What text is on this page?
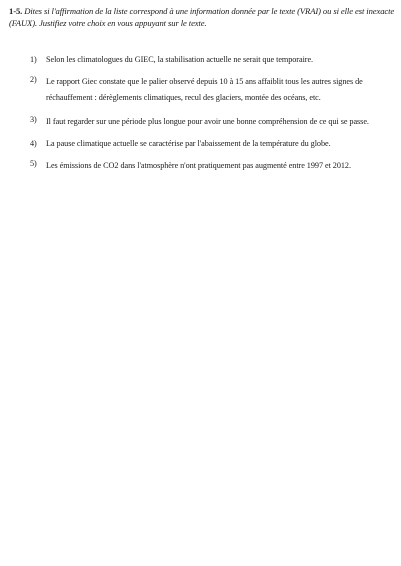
1-5. Dites si l'affirmation de la liste correspond à une information donnée par le texte (VRAI) ou si elle est inexacte (FAUX). Justifiez votre choix en vous appuyant sur le texte.

1) Selon les climatologues du GIEC, la stabilisation actuelle ne serait que temporaire.
2) Le rapport Giec constate que le palier observé depuis 10 à 15 ans affaiblit tous les autres signes de réchauffement : dérèglements climatiques, recul des glaciers, montée des océans, etc.
3) Il faut regarder sur une période plus longue pour avoir une bonne compréhension de ce qui se passe.
4) La pause climatique actuelle se caractérise par l'abaissement de la température du globe.
5) Les émissions de CO2 dans l'atmosphère n'ont pratiquement pas augmenté entre 1997 et 2012.
